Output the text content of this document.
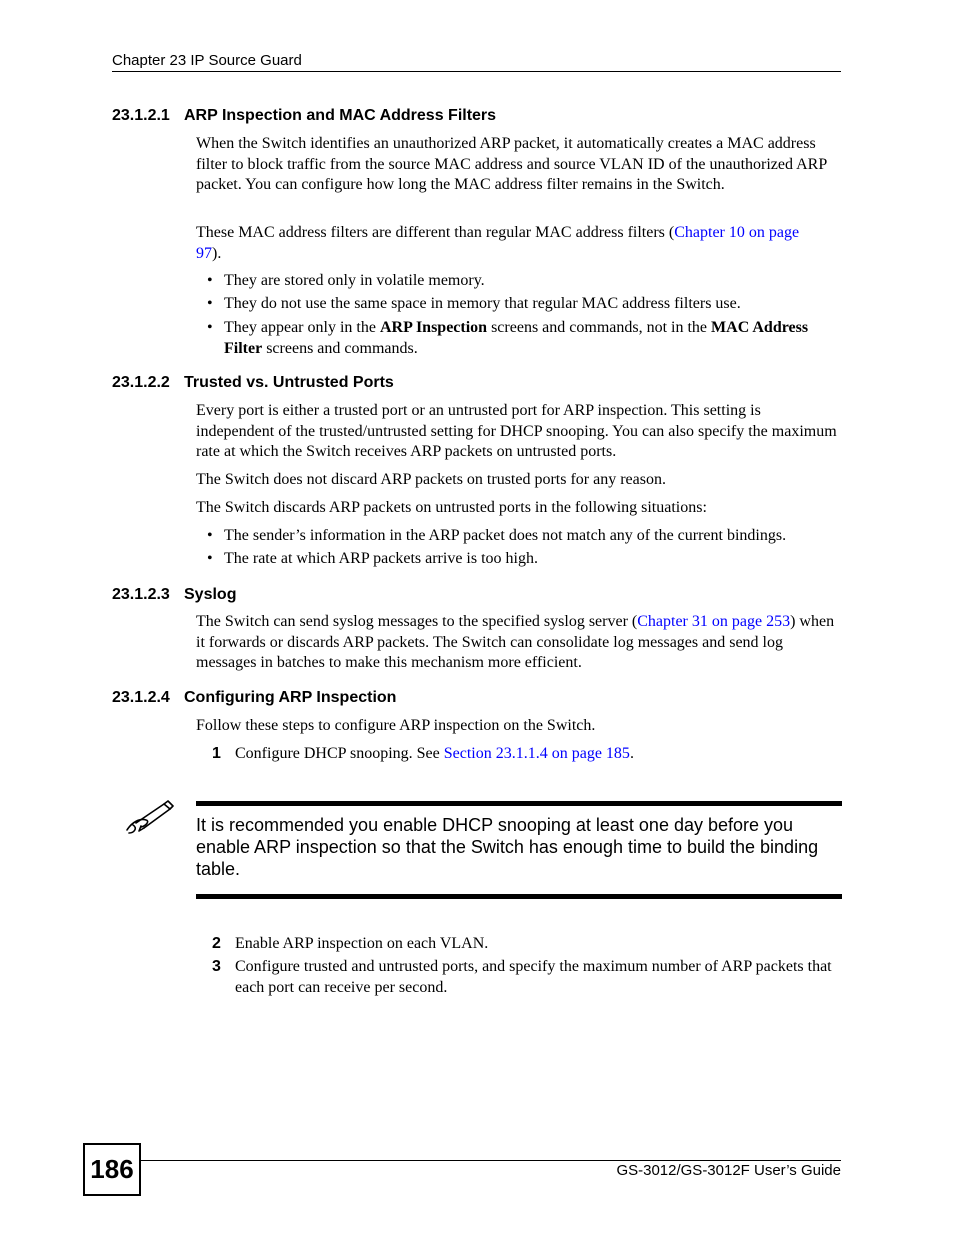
Chapter 23 IP Source Guard
23.1.2.1 ARP Inspection and MAC Address Filters
When the Switch identifies an unauthorized ARP packet, it automatically creates a MAC address filter to block traffic from the source MAC address and source VLAN ID of the unauthorized ARP packet. You can configure how long the MAC address filter remains in the Switch.
These MAC address filters are different than regular MAC address filters (Chapter 10 on page
97).
• They are stored only in volatile memory.
• They do not use the same space in memory that regular MAC address filters use.
• They appear only in the ARP Inspection screens and commands, not in the MAC Address Filter screens and commands.
23.1.2.2 Trusted vs. Untrusted Ports
Every port is either a trusted port or an untrusted port for ARP inspection. This setting is independent of the trusted/untrusted setting for DHCP snooping. You can also specify the maximum rate at which the Switch receives ARP packets on untrusted ports.
The Switch does not discard ARP packets on trusted ports for any reason.
The Switch discards ARP packets on untrusted ports in the following situations:
• The sender’s information in the ARP packet does not match any of the current bindings.
• The rate at which ARP packets arrive is too high.
23.1.2.3 Syslog
The Switch can send syslog messages to the specified syslog server (Chapter 31 on page 253) when it forwards or discards ARP packets. The Switch can consolidate log messages and send log messages in batches to make this mechanism more efficient.
23.1.2.4 Configuring ARP Inspection
Follow these steps to configure ARP inspection on the Switch.
1 Configure DHCP snooping. See Section 23.1.1.4 on page 185.
It is recommended you enable DHCP snooping at least one day before you enable ARP inspection so that the Switch has enough time to build the binding table.
2 Enable ARP inspection on each VLAN.
3 Configure trusted and untrusted ports, and specify the maximum number of ARP packets that each port can receive per second.
186	GS-3012/GS-3012F User’s Guide
